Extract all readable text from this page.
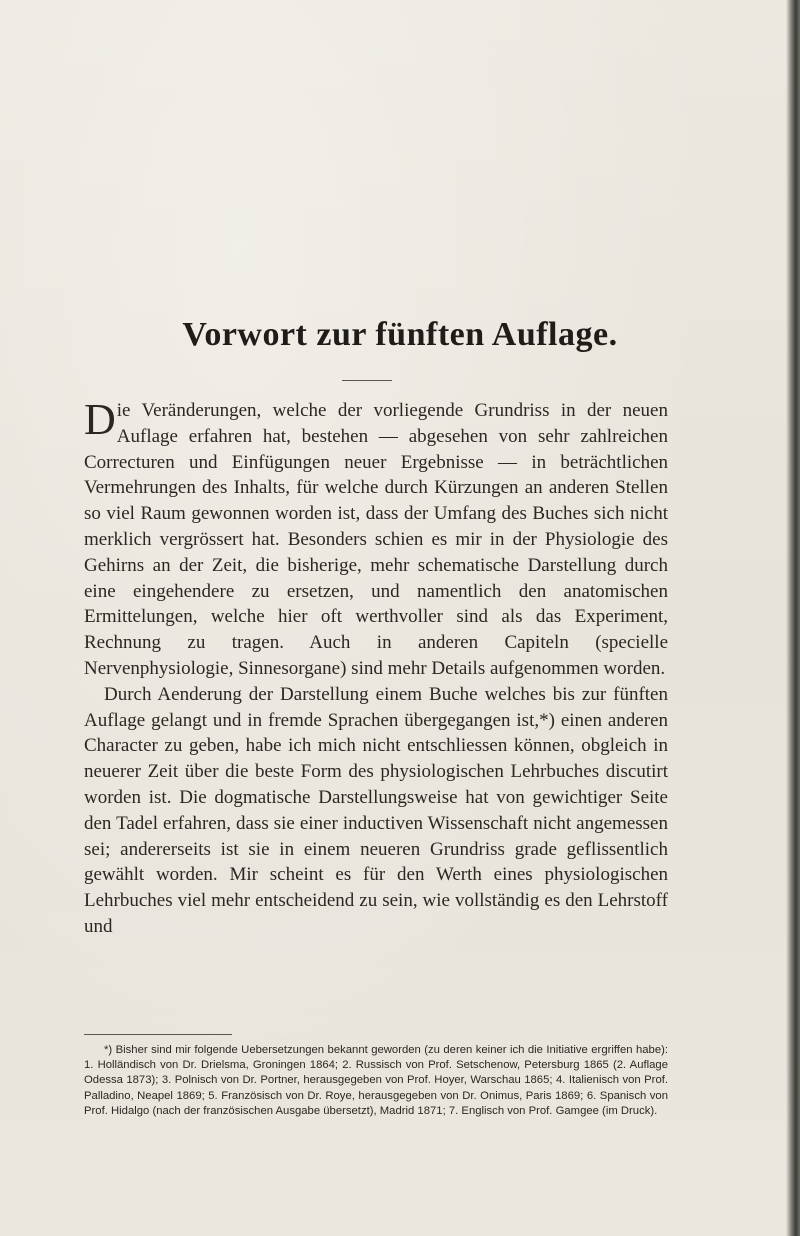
Vorwort zur fünften Auflage.

Die Veränderungen, welche der vorliegende Grundriss in der neuen Auflage erfahren hat, bestehen — abgesehen von sehr zahlreichen Correcturen und Einfügungen neuer Ergebnisse — in beträchtlichen Vermehrungen des Inhalts, für welche durch Kürzungen an anderen Stellen so viel Raum gewonnen worden ist, dass der Umfang des Buches sich nicht merklich vergrössert hat. Besonders schien es mir in der Physiologie des Gehirns an der Zeit, die bisherige, mehr schematische Darstellung durch eine eingehendere zu ersetzen, und namentlich den anatomischen Ermittelungen, welche hier oft werthvoller sind als das Experiment, Rechnung zu tragen. Auch in anderen Capiteln (specielle Nervenphysiologie, Sinnesorgane) sind mehr Details aufgenommen worden.

Durch Aenderung der Darstellung einem Buche welches bis zur fünften Auflage gelangt und in fremde Sprachen übergegangen ist,*) einen anderen Character zu geben, habe ich mich nicht entschliessen können, obgleich in neuerer Zeit über die beste Form des physiologischen Lehrbuches discutirt worden ist. Die dogmatische Darstellungsweise hat von gewichtiger Seite den Tadel erfahren, dass sie einer inductiven Wissenschaft nicht angemessen sei; andererseits ist sie in einem neueren Grundriss grade geflissentlich gewählt worden. Mir scheint es für den Werth eines physiologischen Lehrbuches viel mehr entscheidend zu sein, wie vollständig es den Lehrstoff und

*) Bisher sind mir folgende Uebersetzungen bekannt geworden (zu deren keiner ich die Initiative ergriffen habe): 1. Holländisch von Dr. Drielsma, Groningen 1864; 2. Russisch von Prof. Setschenow, Petersburg 1865 (2. Auflage Odessa 1873); 3. Polnisch von Dr. Portner, herausgegeben von Prof. Hoyer, Warschau 1865; 4. Italienisch von Prof. Palladino, Neapel 1869; 5. Französisch von Dr. Roye, herausgegeben von Dr. Onimus, Paris 1869; 6. Spanisch von Prof. Hidalgo (nach der französischen Ausgabe übersetzt), Madrid 1871; 7. Englisch von Prof. Gamgee (im Druck).
